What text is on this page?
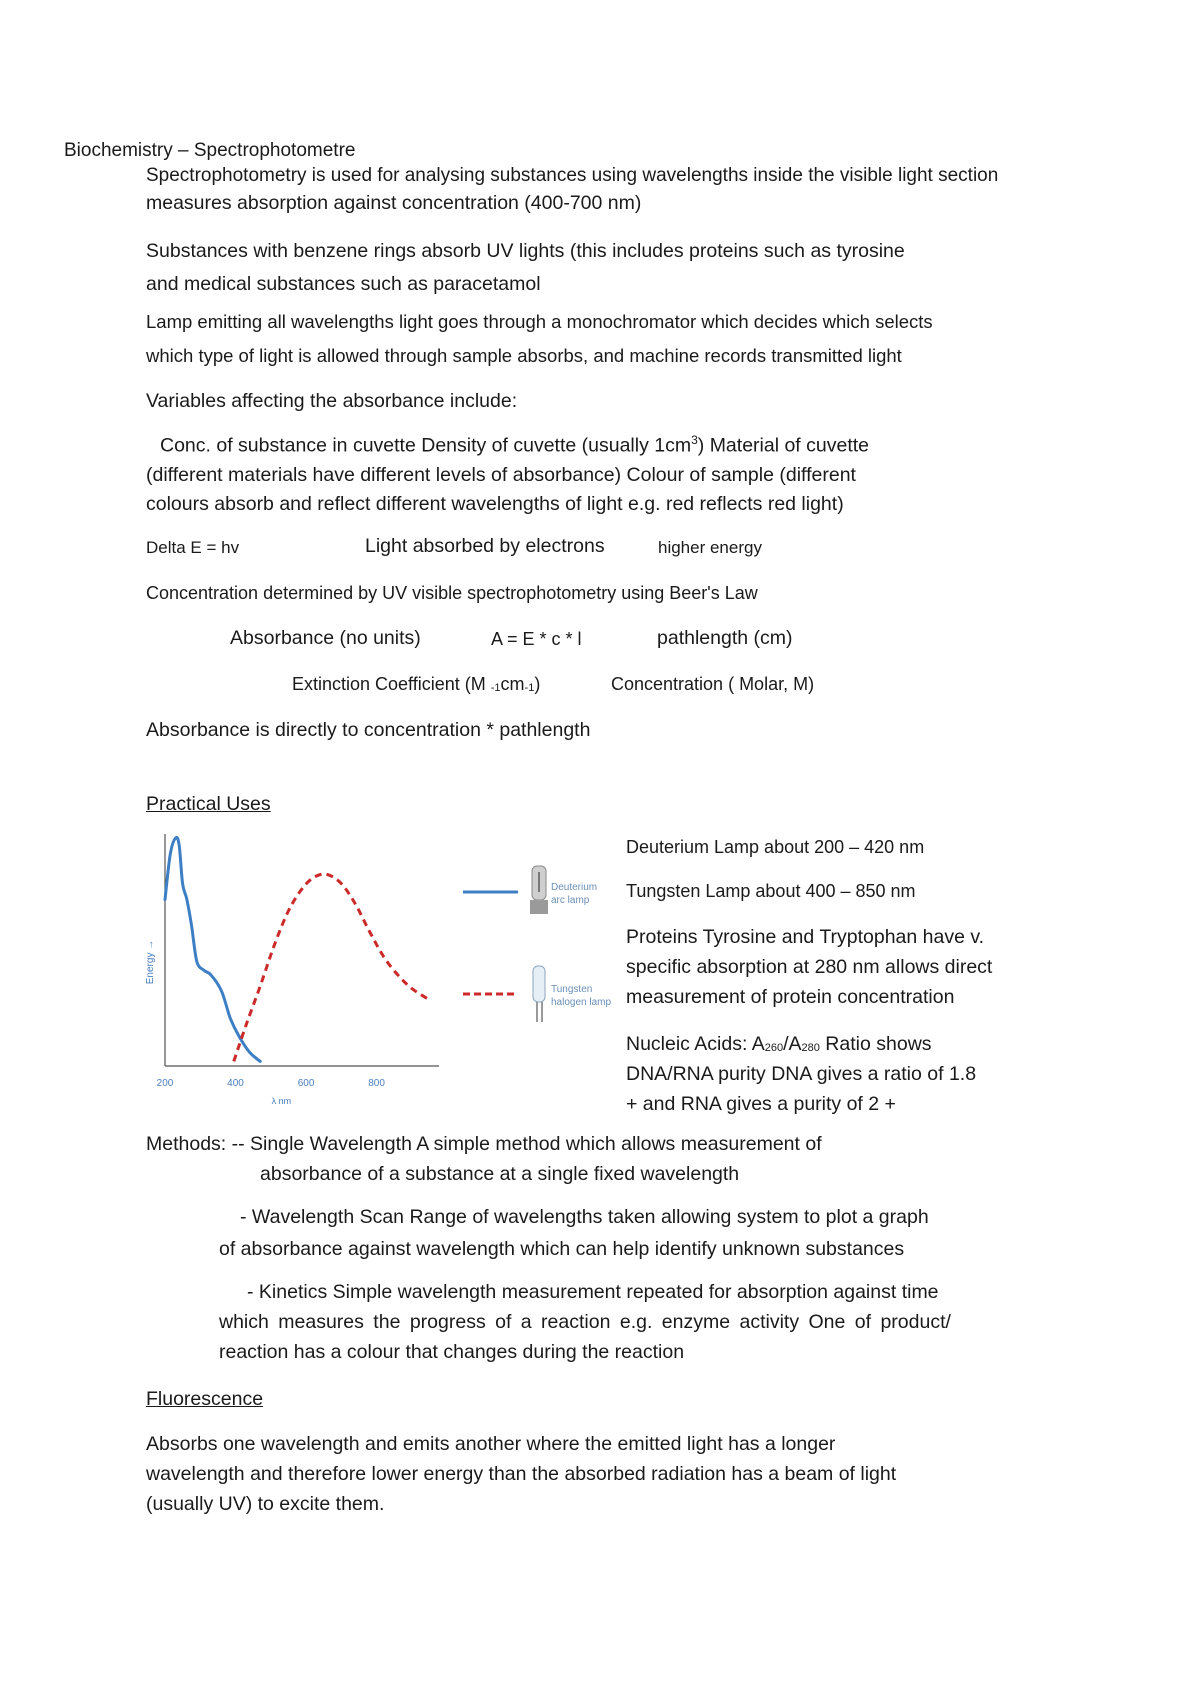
Biochemistry – Spectrophotometre
Spectrophotometry is used for analysing substances using wavelengths inside the visible light section
measures absorption against concentration (400-700 nm)
Substances with benzene rings absorb UV lights (this includes proteins such as tyrosine
and medical substances such as paracetamol
Lamp emitting all wavelengths light goes through a monochromator which decides which selects
which type of light is allowed through sample absorbs, and machine records transmitted light
Variables affecting the absorbance include:
Conc. of substance in cuvette Density of cuvette (usually $1cm^3$) Material of cuvette
(different materials have different levels of absorbance) Colour of sample (different
colours absorb and reflect different wavelengths of light e.g. red reflects red light)
Delta E = hv	Light absorbed by electrons	higher energy
Concentration determined by UV visible spectrophotometry using Beer's Law
Absorbance (no units)	A = E * c * l	pathlength (cm)
Extinction Coefficient (M -1cm-1)	Concentration ( Molar, M)
Absorbance is directly to concentration * pathlength
Practical Uses
Energy →
200	400	600	800
λ nm
Deuterium
arc lamp
Tungsten
halogen lamp
Deuterium Lamp about 200 – 420 nm
Tungsten Lamp about 400 – 850 nm
Proteins Tyrosine and Tryptophan have v.
specific absorption at 280 nm allows direct
measurement of protein concentration
Nucleic Acids: A260/A280 Ratio shows
DNA/RNA purity DNA gives a ratio of 1.8
+ and RNA gives a purity of 2 +
Methods: -- Single Wavelength A simple method which allows measurement of
absorbance of a substance at a single fixed wavelength
- Wavelength Scan Range of wavelengths taken allowing system to plot a graph
of absorbance against wavelength which can help identify unknown substances
- Kinetics Simple wavelength measurement repeated for absorption against time
which measures the progress of a reaction e.g. enzyme activity One of product/
reaction has a colour that changes during the reaction
Fluorescence
Absorbs one wavelength and emits another where the emitted light has a longer
wavelength and therefore lower energy than the absorbed radiation has a beam of light
(usually UV) to excite them.
